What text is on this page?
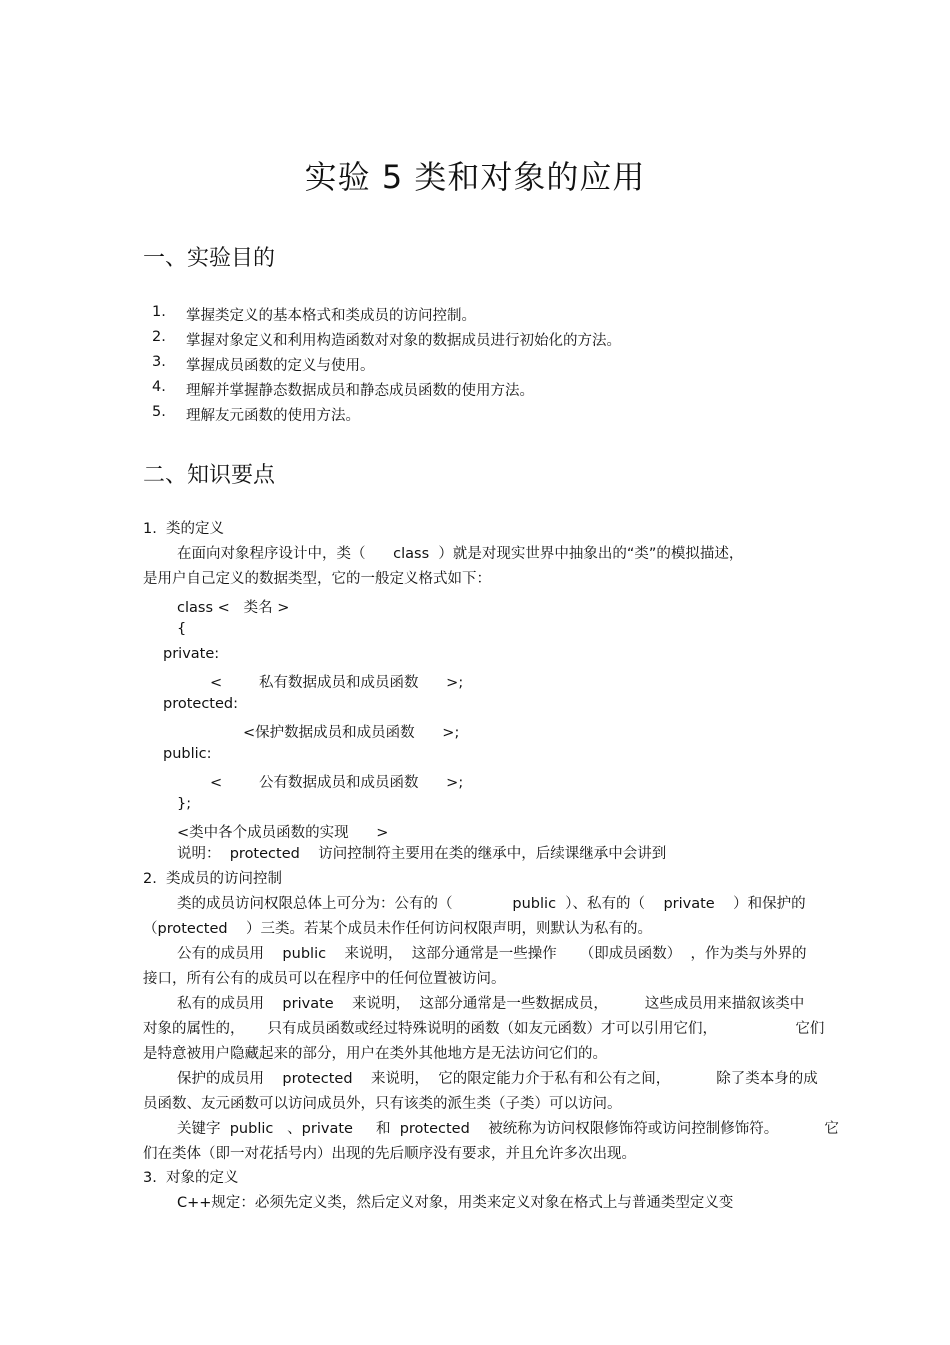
实验 5 类和对象的应用
一、实验目的
1. 掌握类定义的基本格式和类成员的访问控制。
2. 掌握对象定义和利用构造函数对对象的数据成员进行初始化的方法。
3. 掌握成员函数的定义与使用。
4. 理解并掌握静态数据成员和静态成员函数的使用方法。
5. 理解友元函数的使用方法。
二、知识要点
1.  类的定义
在面向对象程序设计中，类（      class  ）就是对现实世界中抽象出的“类”的模拟描述，
是用户自己定义的数据类型，它的一般定义格式如下：
class <   类名 >
{
private:
<        私有数据成员和成员函数      >;
protected:
<保护数据成员和成员函数      >;
public:
<        公有数据成员和成员函数      >;
};
<类中各个成员函数的实现      >
说明：  protected    访问控制符主要用在类的继承中，后续课继承中会讲到
2.  类成员的访问控制
类的成员访问权限总体上可分为：公有的（             public  ）、私有的（    private    ）和保护的
（protected    ）三类。若某个成员未作任何访问权限声明，则默认为私有的。
公有的成员用    public    来说明，  这部分通常是一些操作     （即成员函数）  ，作为类与外界的
接口，所有公有的成员可以在程序中的任何位置被访问。
私有的成员用    private    来说明，  这部分通常是一些数据成员，        这些成员用来描叙该类中
对象的属性的，     只有成员函数或经过特殊说明的函数（如友元函数）才可以引用它们，                 它们
是特意被用户隐藏起来的部分，用户在类外其他地方是无法访问它们的。
保护的成员用    protected    来说明，  它的限定能力介于私有和公有之间，          除了类本身的成
员函数、友元函数可以访问成员外，只有该类的派生类（子类）可以访问。
关键字  public   、private     和  protected    被统称为访问权限修饰符或访问控制修饰符。          它
们在类体（即一对花括号内）出现的先后顺序没有要求，并且允许多次出现。
3.  对象的定义
C++规定：必须先定义类，然后定义对象，用类来定义对象在格式上与普通类型定义变
